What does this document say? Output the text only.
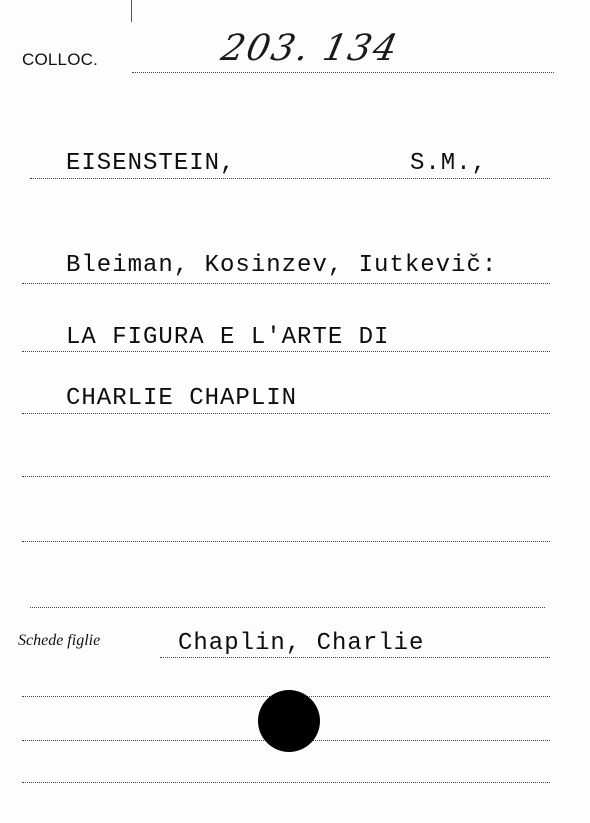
COLLOC.	203. 134
EISENSTEIN,	S.M.,
Bleiman, Kosinzev, Iutkevič:
LA FIGURA E L'ARTE DI
CHARLIE CHAPLIN
Schede figlie	Chaplin, Charlie
